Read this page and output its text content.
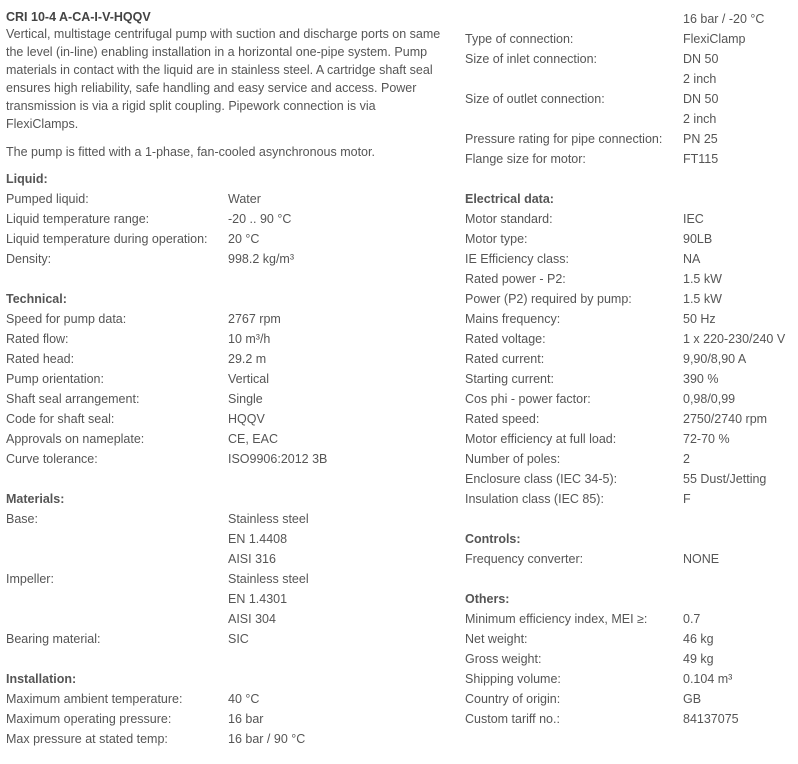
CRI 10-4 A-CA-I-V-HQQV

Vertical, multistage centrifugal pump with suction and discharge ports on same the level (in-line) enabling installation in a horizontal one-pipe system. Pump materials in contact with the liquid are in stainless steel. A cartridge shaft seal ensures high reliability, safe handling and easy service and access. Power transmission is via a rigid split coupling. Pipework connection is via FlexiClamps.

The pump is fitted with a 1-phase, fan-cooled asynchronous motor.

Liquid:
Pumped liquid:	Water
Liquid temperature range:	-20 .. 90 °C
Liquid temperature during operation:	20 °C
Density:	998.2 kg/m³
Technical:
Speed for pump data:	2767 rpm
Rated flow:	10 m³/h
Rated head:	29.2 m
Pump orientation:	Vertical
Shaft seal arrangement:	Single
Code for shaft seal:	HQQV
Approvals on nameplate:	CE, EAC
Curve tolerance:	ISO9906:2012 3B
Materials:
Base:	Stainless steel
EN 1.4408
AISI 316
Impeller:	Stainless steel
EN 1.4301
AISI 304
Bearing material:	SIC
Installation:
Maximum ambient temperature:	40 °C
Maximum operating pressure:	16 bar
Max pressure at stated temp:	16 bar / 90 °C
16 bar / -20 °C
Type of connection:	FlexiClamp
Size of inlet connection:	DN 50
2 inch
Size of outlet connection:	DN 50
2 inch
Pressure rating for pipe connection:	PN 25
Flange size for motor:	FT115
Electrical data:
Motor standard:	IEC
Motor type:	90LB
IE Efficiency class:	NA
Rated power - P2:	1.5 kW
Power (P2) required by pump:	1.5 kW
Mains frequency:	50 Hz
Rated voltage:	1 x 220-230/240 V
Rated current:	9,90/8,90 A
Starting current:	390 %
Cos phi - power factor:	0,98/0,99
Rated speed:	2750/2740 rpm
Motor efficiency at full load:	72-70 %
Number of poles:	2
Enclosure class (IEC 34-5):	55 Dust/Jetting
Insulation class (IEC 85):	F
Controls:
Frequency converter:	NONE
Others:
Minimum efficiency index, MEI ≥:	0.7
Net weight:	46 kg
Gross weight:	49 kg
Shipping volume:	0.104 m³
Country of origin:	GB
Custom tariff no.:	84137075
